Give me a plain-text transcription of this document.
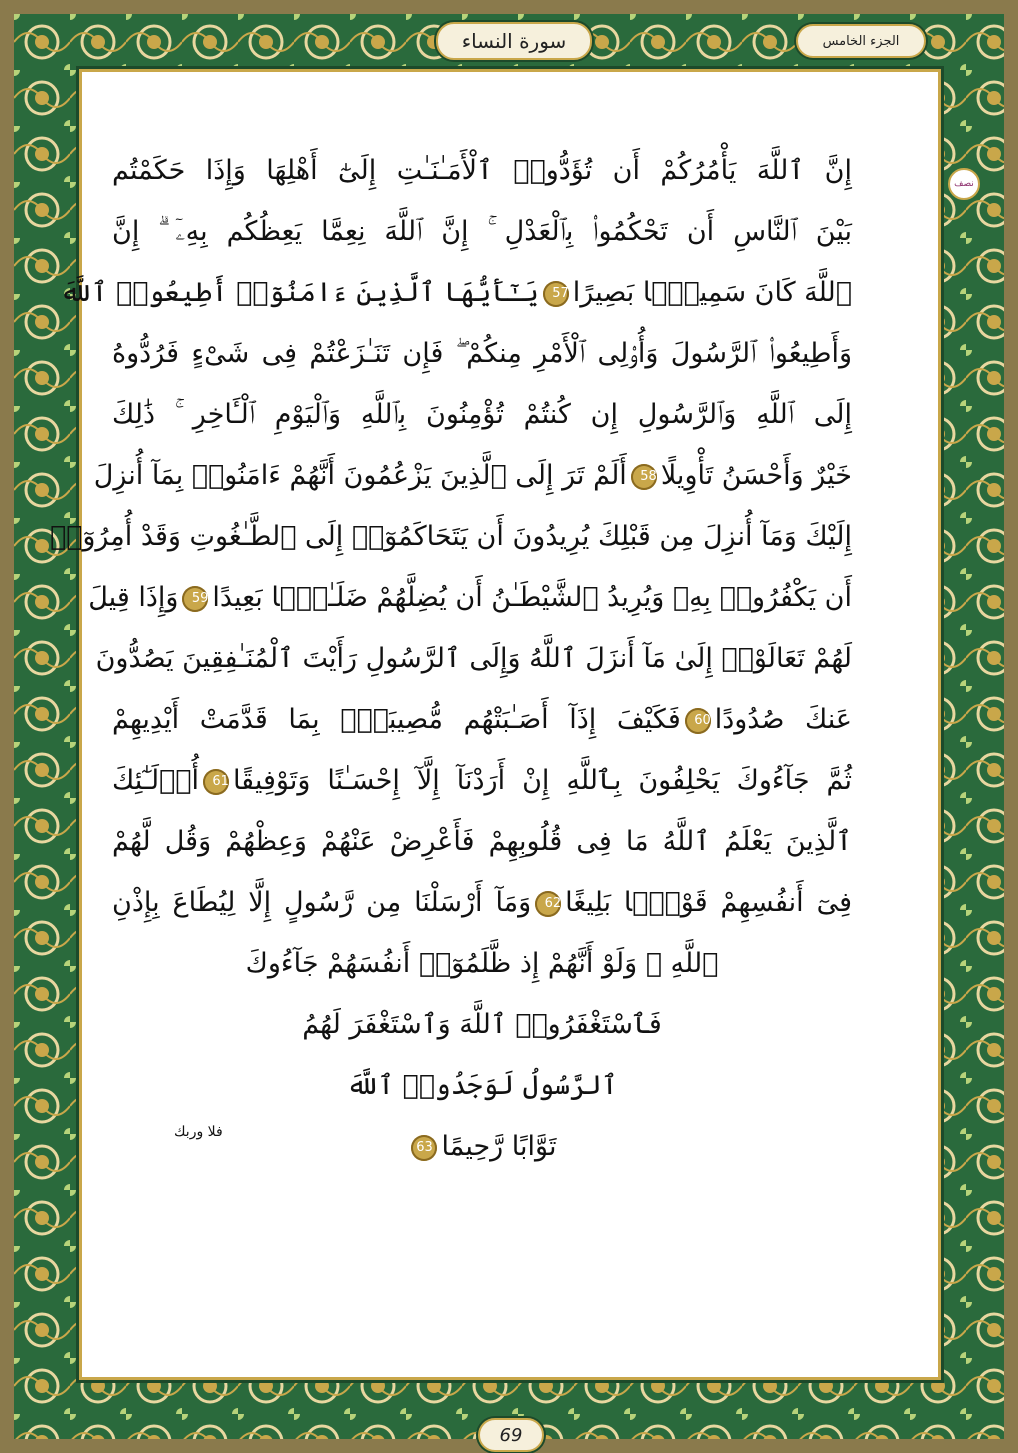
سورة النساء	الجزء الخامس
نصف
إِنَّ ٱللَّهَ يَأْمُرُكُمْ أَن تُؤَدُّوا۟ ٱلْأَمَـٰنَـٰتِ إِلَىٰٓ أَهْلِهَا وَإِذَا حَكَمْتُم
بَيْنَ ٱلنَّاسِ أَن تَحْكُمُوا۟ بِٱلْعَدْلِ ۚ إِنَّ ٱللَّهَ نِعِمَّا يَعِظُكُم بِهِۦٓ ۗ إِنَّ
ٱللَّهَ كَانَ سَمِيعًۢا بَصِيرًا57يَـٰٓأَيُّهَا ٱلَّذِينَ ءَامَنُوٓا۟ أَطِيعُوا۟ ٱللَّهَ
وَأَطِيعُوا۟ ٱلرَّسُولَ وَأُو۟لِى ٱلْأَمْرِ مِنكُمْ ۖ فَإِن تَنَـٰزَعْتُمْ فِى شَىْءٍ فَرُدُّوهُ
إِلَى ٱللَّهِ وَٱلرَّسُولِ إِن كُنتُمْ تُؤْمِنُونَ بِٱللَّهِ وَٱلْيَوْمِ ٱلْـَٔاخِرِ ۚ ذَٰلِكَ
خَيْرٌ وَأَحْسَنُ تَأْوِيلًا58أَلَمْ تَرَ إِلَى ٱلَّذِينَ يَزْعُمُونَ أَنَّهُمْ ءَامَنُوا۟ بِمَآ أُنزِلَ
إِلَيْكَ وَمَآ أُنزِلَ مِن قَبْلِكَ يُرِيدُونَ أَن يَتَحَاكَمُوٓا۟ إِلَى ٱلطَّـٰغُوتِ وَقَدْ أُمِرُوٓا۟
أَن يَكْفُرُوا۟ بِهِۦ وَيُرِيدُ ٱلشَّيْطَـٰنُ أَن يُضِلَّهُمْ ضَلَـٰلًۢا بَعِيدًا59وَإِذَا قِيلَ
لَهُمْ تَعَالَوْا۟ إِلَىٰ مَآ أَنزَلَ ٱللَّهُ وَإِلَى ٱلرَّسُولِ رَأَيْتَ ٱلْمُنَـٰفِقِينَ يَصُدُّونَ
عَنكَ صُدُودًا60فَكَيْفَ إِذَآ أَصَـٰبَتْهُم مُّصِيبَةٌۢ بِمَا قَدَّمَتْ أَيْدِيهِمْ
ثُمَّ جَآءُوكَ يَحْلِفُونَ بِٱللَّهِ إِنْ أَرَدْنَآ إِلَّآ إِحْسَـٰنًا وَتَوْفِيقًا61أُو۟لَـٰٓئِكَ
ٱلَّذِينَ يَعْلَمُ ٱللَّهُ مَا فِى قُلُوبِهِمْ فَأَعْرِضْ عَنْهُمْ وَعِظْهُمْ وَقُل لَّهُمْ
فِىٓ أَنفُسِهِمْ قَوْلًۢا بَلِيغًا62وَمَآ أَرْسَلْنَا مِن رَّسُولٍ إِلَّا لِيُطَاعَ بِإِذْنِ
ٱللَّهِ ۚ وَلَوْ أَنَّهُمْ إِذ ظَّلَمُوٓا۟ أَنفُسَهُمْ جَآءُوكَ
فَٱسْتَغْفَرُوا۟ ٱللَّهَ وَٱسْتَغْفَرَ لَهُمُ
ٱلرَّسُولُ لَوَجَدُوا۟ ٱللَّهَ
تَوَّابًا رَّحِيمًا63
فلا وربك
69
